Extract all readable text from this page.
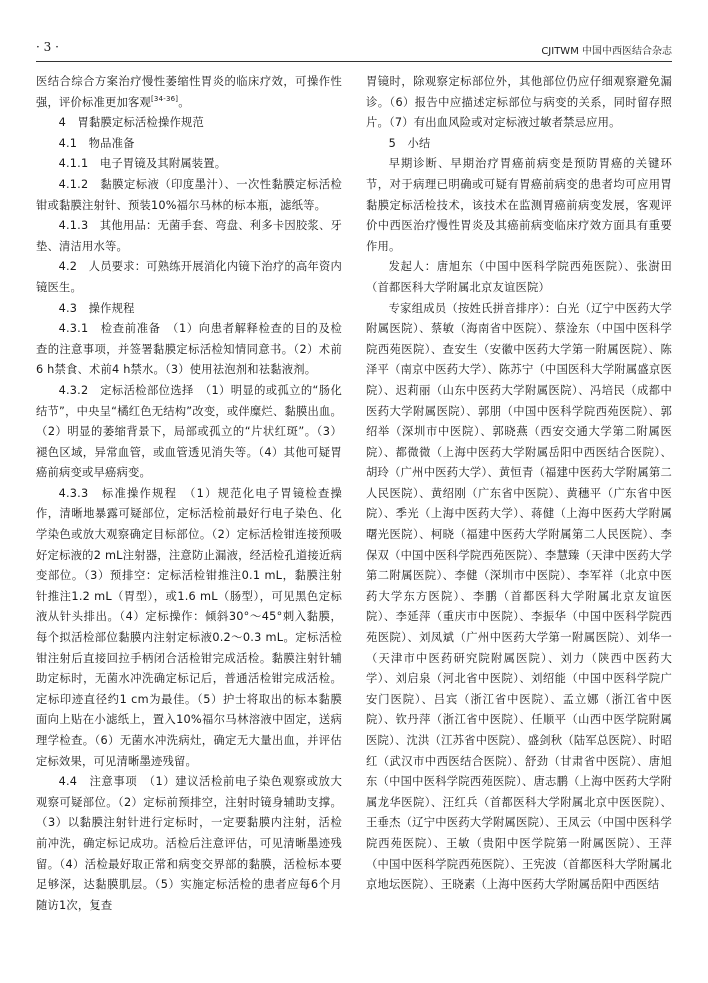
· 3 ·	CJITWM 中国中西医结合杂志

医结合综合方案治疗慢性萎缩性胃炎的临床疗效，可操作性强，评价标准更加客观[34-36]。

4　胃黏膜定标活检操作规范

4.1　物品准备

4.1.1　电子胃镜及其附属装置。

4.1.2　黏膜定标液（印度墨汁）、一次性黏膜定标活检钳或黏膜注射针、预装10%福尔马林的标本瓶，滤纸等。

4.1.3　其他用品：无菌手套、弯盘、利多卡因胶浆、牙垫、清洁用水等。

4.2　人员要求：可熟练开展消化内镜下治疗的高年资内镜医生。

4.3　操作规程

4.3.1　检查前准备　（1）向患者解释检查的目的及检查的注意事项，并签署黏膜定标活检知情同意书。（2）术前6 h禁食、术前4 h禁水。（3）使用祛泡剂和祛黏液剂。

4.3.2　定标活检部位选择　（1）明显的或孤立的“肠化结节”，中央呈“橘红色无结构”改变，或伴糜烂、黏膜出血。（2）明显的萎缩背景下，局部或孤立的“片状红斑”。（3）褪色区域，异常血管，或血管透见消失等。（4）其他可疑胃癌前病变或早癌病变。

4.3.3　标准操作规程　（1）规范化电子胃镜检查操作，清晰地暴露可疑部位，定标活检前最好行电子染色、化学染色或放大观察确定目标部位。（2）定标活检钳连接预吸好定标液的2 mL注射器，注意防止漏液，经活检孔道接近病变部位。（3）预排空：定标活检钳推注0.1 mL，黏膜注射针推注1.2 mL（胃型），或1.6 mL（肠型），可见黑色定标液从针头排出。（4）定标操作：倾斜30°～45°刺入黏膜，每个拟活检部位黏膜内注射定标液0.2～0.3 mL。定标活检钳注射后直接回拉手柄闭合活检钳完成活检。黏膜注射针辅助定标时，无菌水冲洗确定标记后，普通活检钳完成活检。定标印迹直径约1 cm为最佳。（5）护士将取出的标本黏膜面向上贴在小滤纸上，置入10%福尔马林溶液中固定，送病理学检查。（6）无菌水冲洗病灶，确定无大量出血，并评估定标效果，可见清晰墨迹残留。

4.4　注意事项　（1）建议活检前电子染色观察或放大观察可疑部位。（2）定标前预排空，注射时镜身辅助支撑。（3）以黏膜注射针进行定标时，一定要黏膜内注射，活检前冲洗，确定标记成功。活检后注意评估，可见清晰墨迹残留。（4）活检最好取正常和病变交界部的黏膜，活检标本要足够深，达黏膜肌层。（5）实施定标活检的患者应每6个月随访1次，复查

胃镜时，除观察定标部位外，其他部位仍应仔细观察避免漏诊。（6）报告中应描述定标部位与病变的关系，同时留存照片。（7）有出血风险或对定标液过敏者禁忌应用。

5　小结

早期诊断、早期治疗胃癌前病变是预防胃癌的关键环节，对于病理已明确或可疑有胃癌前病变的患者均可应用胃黏膜定标活检技术，该技术在监测胃癌前病变发展，客观评价中西医治疗慢性胃炎及其癌前病变临床疗效方面具有重要作用。

发起人：唐旭东（中国中医科学院西苑医院）、张澍田（首都医科大学附属北京友谊医院）

专家组成员（按姓氏拼音排序）：白光（辽宁中医药大学附属医院）、蔡敏（海南省中医院）、蔡淦东（中国中医科学院西苑医院）、查安生（安徽中医药大学第一附属医院）、陈泽平（南京中医药大学）、陈苏宁（中国医科大学附属盛京医院）、迟莉丽（山东中医药大学附属医院）、冯培民（成都中医药大学附属医院）、郭朋（中国中医科学院西苑医院）、郭绍举（深圳市中医院）、郭晓燕（西安交通大学第二附属医院）、都微微（上海中医药大学附属岳阳中西医结合医院）、胡玲（广州中医药大学）、黄恒青（福建中医药大学附属第二人民医院）、黄绍刚（广东省中医院）、黄穗平（广东省中医院）、季光（上海中医药大学）、蒋健（上海中医药大学附属曙光医院）、柯晓（福建中医药大学附属第二人民医院）、李保双（中国中医科学院西苑医院）、李慧臻（天津中医药大学第二附属医院）、李健（深圳市中医院）、李军祥（北京中医药大学东方医院）、李鹏（首都医科大学附属北京友谊医院）、李延萍（重庆市中医院）、李振华（中国中医科学院西苑医院）、刘凤斌（广州中医药大学第一附属医院）、刘华一（天津市中医药研究院附属医院）、刘力（陕西中医药大学）、刘启泉（河北省中医院）、刘绍能（中国中医科学院广安门医院）、吕宾（浙江省中医院）、孟立娜（浙江省中医院）、钦丹萍（浙江省中医院）、任顺平（山西中医学院附属医院）、沈洪（江苏省中医院）、盛剑秋（陆军总医院）、时昭红（武汉市中西医结合医院）、舒劲（甘肃省中医院）、唐旭东（中国中医科学院西苑医院）、唐志鹏（上海中医药大学附属龙华医院）、汪红兵（首都医科大学附属北京中医医院）、王垂杰（辽宁中医药大学附属医院）、王凤云（中国中医科学院西苑医院）、王敏（贵阳中医学院第一附属医院）、王萍（中国中医科学院西苑医院）、王宪波（首都医科大学附属北京地坛医院）、王晓素（上海中医药大学附属岳阳中西医结
